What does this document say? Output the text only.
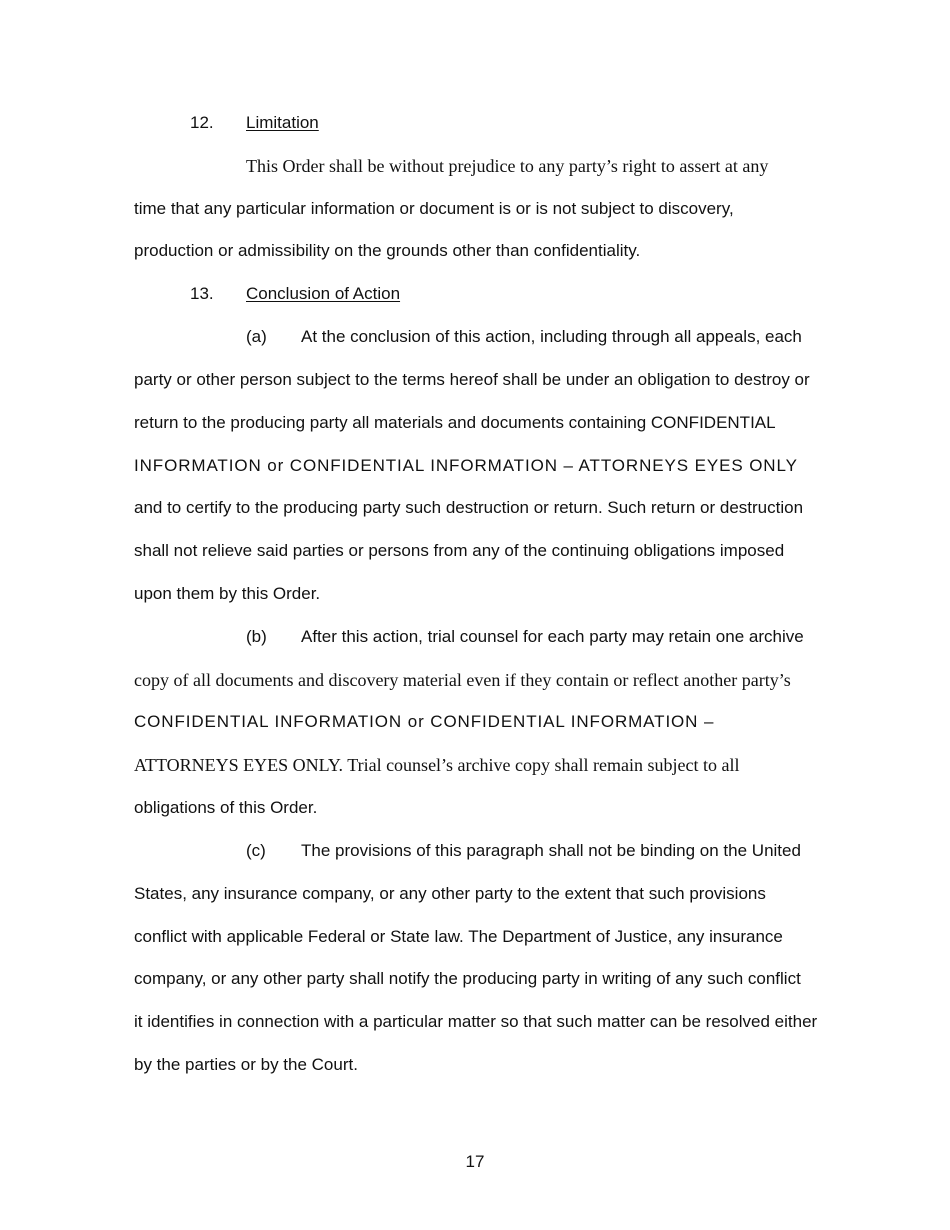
12. Limitation
This Order shall be without prejudice to any party’s right to assert at any
time that any particular information or document is or is not subject to discovery,
production or admissibility on the grounds other than confidentiality.
13. Conclusion of Action
(a) At the conclusion of this action, including through all appeals, each
party or other person subject to the terms hereof shall be under an obligation to destroy or
return to the producing party all materials and documents containing CONFIDENTIAL
INFORMATION or CONFIDENTIAL INFORMATION – ATTORNEYS EYES ONLY
and to certify to the producing party such destruction or return. Such return or destruction
shall not relieve said parties or persons from any of the continuing obligations imposed
upon them by this Order.
(b) After this action, trial counsel for each party may retain one archive
copy of all documents and discovery material even if they contain or reflect another party’s
CONFIDENTIAL INFORMATION or CONFIDENTIAL INFORMATION –
ATTORNEYS EYES ONLY. Trial counsel’s archive copy shall remain subject to all
obligations of this Order.
(c) The provisions of this paragraph shall not be binding on the United
States, any insurance company, or any other party to the extent that such provisions
conflict with applicable Federal or State law. The Department of Justice, any insurance
company, or any other party shall notify the producing party in writing of any such conflict
it identifies in connection with a particular matter so that such matter can be resolved either
by the parties or by the Court.
17
